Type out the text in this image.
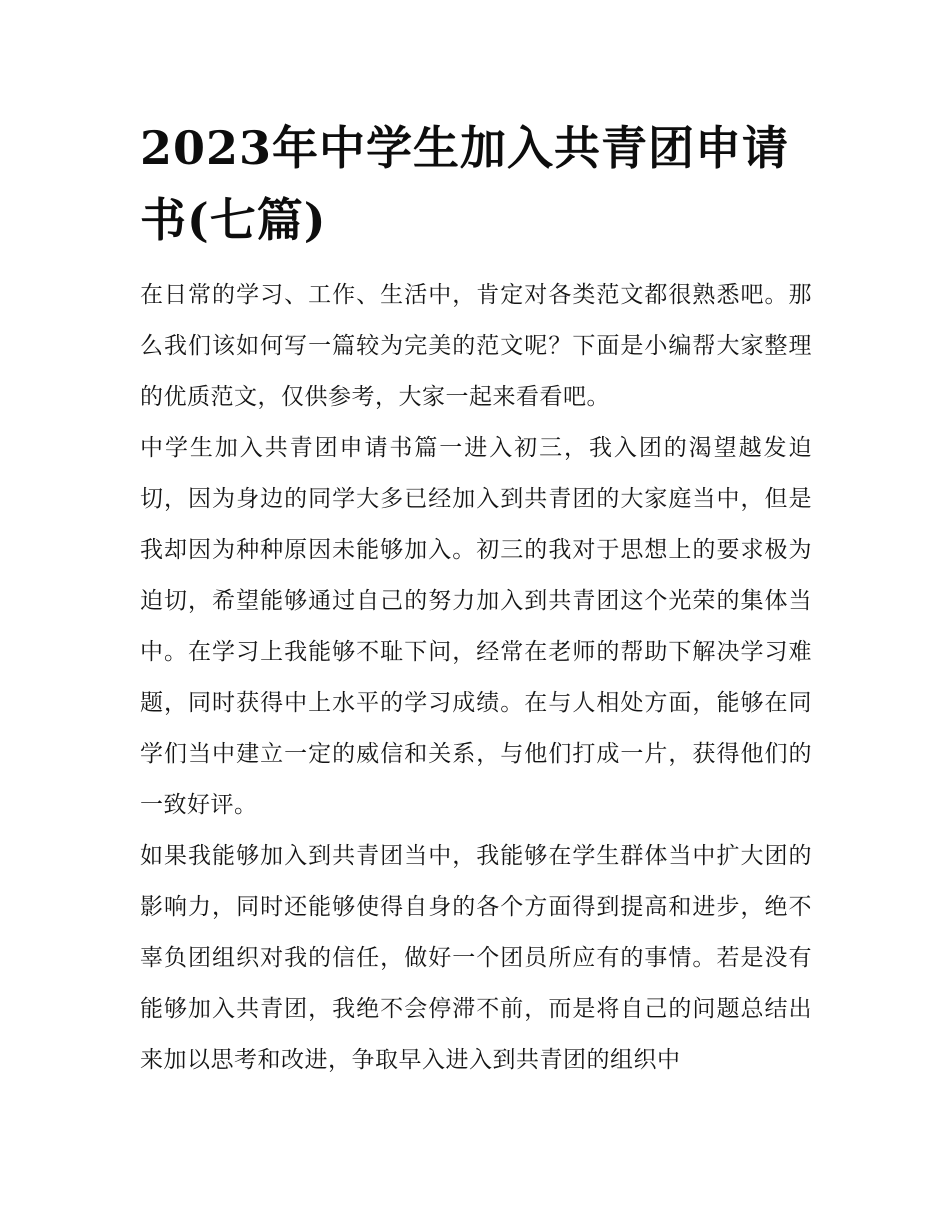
2023年中学生加入共青团申请书(七篇)

在日常的学习、工作、生活中，肯定对各类范文都很熟悉吧。那么我们该如何写一篇较为完美的范文呢？下面是小编帮大家整理的优质范文，仅供参考，大家一起来看看吧。

中学生加入共青团申请书篇一进入初三，我入团的渴望越发迫切，因为身边的同学大多已经加入到共青团的大家庭当中，但是我却因为种种原因未能够加入。初三的我对于思想上的要求极为迫切，希望能够通过自己的努力加入到共青团这个光荣的集体当中。在学习上我能够不耻下问，经常在老师的帮助下解决学习难题，同时获得中上水平的学习成绩。在与人相处方面，能够在同学们当中建立一定的威信和关系，与他们打成一片，获得他们的一致好评。

如果我能够加入到共青团当中，我能够在学生群体当中扩大团的影响力，同时还能够使得自身的各个方面得到提高和进步，绝不辜负团组织对我的信任，做好一个团员所应有的事情。若是没有能够加入共青团，我绝不会停滞不前，而是将自己的问题总结出来加以思考和改进，争取早入进入到共青团的组织中
